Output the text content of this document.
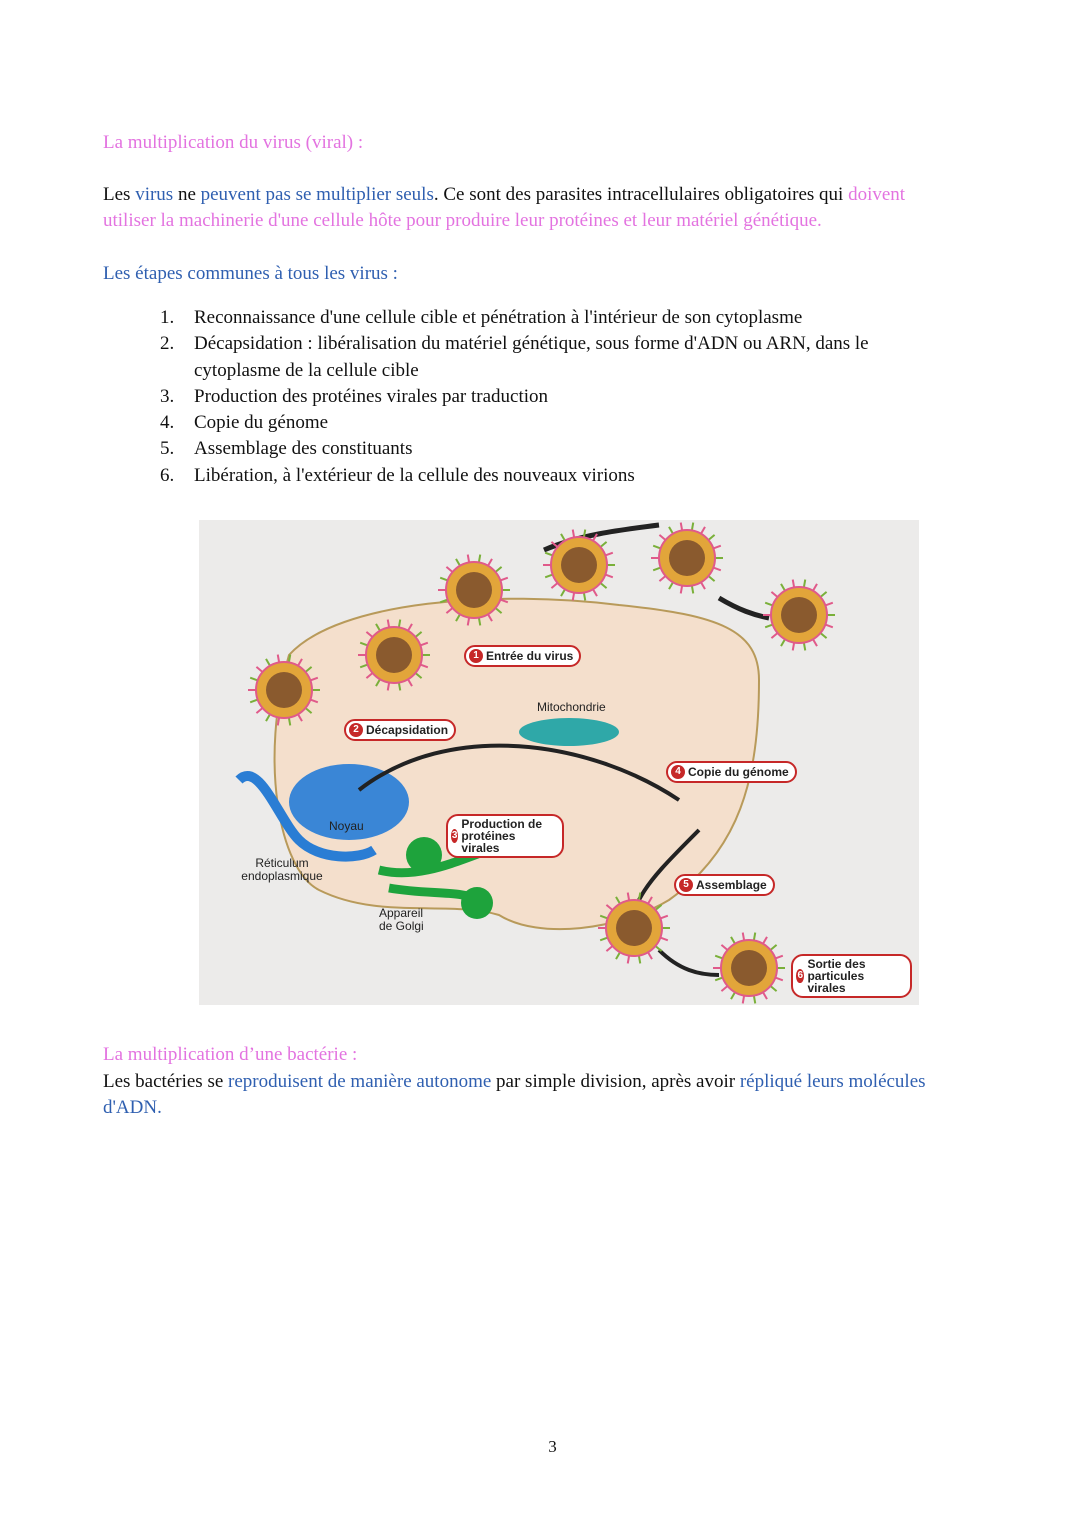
La multiplication du virus (viral) :
Les virus ne peuvent pas se multiplier seuls. Ce sont des parasites intracellulaires obligatoires qui doivent
utiliser la machinerie d'une cellule hôte pour produire leur protéines et leur matériel génétique.
Les étapes communes à tous les virus :
1. Reconnaissance d'une cellule cible et pénétration à l'intérieur de son cytoplasme
2. Décapsidation : libéralisation du matériel génétique, sous forme d'ADN ou ARN, dans le cytoplasme de la cellule cible
3. Production des protéines virales par traduction
4. Copie du génome
5. Assemblage des constituants
6. Libération, à l'extérieur de la cellule des nouveaux virions
1 Entrée du virus
2 Décapsidation
3
Production de protéines virales
4 Copie du génome
5 Assemblage
6
Sortie des particules virales
Mitochondrie
Noyau
Réticulum endoplasmique
Appareil de Golgi
La multiplication d’une bactérie :
Les bactéries se reproduisent de manière autonome par simple division, après avoir répliqué leurs molécules
d'ADN.
3
